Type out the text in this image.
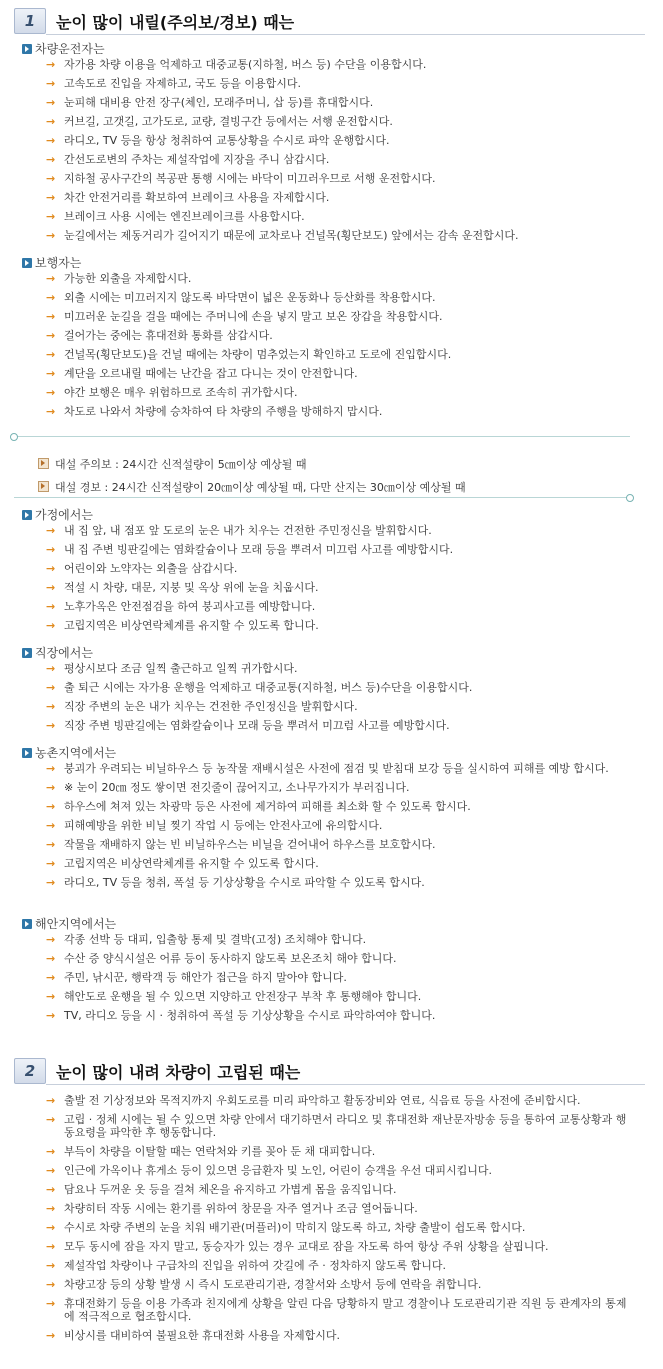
1	눈이 많이 내릴(주의보/경보) 때는
차량운전자는
→ 자가용 차량 이용을 억제하고 대중교통(지하철, 버스 등) 수단을 이용합시다.
→ 고속도로 진입을 자제하고, 국도 등을 이용합시다.
→ 눈피해 대비용 안전 장구(체인, 모래주머니, 삽 등)를 휴대합시다.
→ 커브길, 고갯길, 고가도로, 교량, 결빙구간 등에서는 서행 운전합시다.
→ 라디오, TV 등을 항상 청취하여 교통상황을 수시로 파악 운행합시다.
→ 간선도로변의 주차는 제설작업에 지장을 주니 삼갑시다.
→ 지하철 공사구간의 복공판 통행 시에는 바닥이 미끄러우므로 서행 운전합시다.
→ 차간 안전거리를 확보하여 브레이크 사용을 자제합시다.
→ 브레이크 사용 시에는 엔진브레이크를 사용합시다.
→ 눈길에서는 제동거리가 길어지기 때문에 교차로나 건널목(횡단보도) 앞에서는 감속 운전합시다.
보행자는
→ 가능한 외출을 자제합시다.
→ 외출 시에는 미끄러지지 않도록 바닥면이 넓은 운동화나 등산화를 착용합시다.
→ 미끄러운 눈길을 걸을 때에는 주머니에 손을 넣지 말고 보온 장갑을 착용합시다.
→ 걸어가는 중에는 휴대전화 통화를 삼갑시다.
→ 건널목(횡단보도)을 건널 때에는 차량이 멈추었는지 확인하고 도로에 진입합시다.
→ 계단을 오르내릴 때에는 난간을 잡고 다니는 것이 안전합니다.
→ 야간 보행은 매우 위험하므로 조속히 귀가합시다.
→ 차도로 나와서 차량에 승차하여 타 차량의 주행을 방해하지 맙시다.
대설 주의보 : 24시간 신적설량이 5㎝이상 예상될 때
대설 경보 : 24시간 신적설량이 20㎝이상 예상될 때, 다만 산지는 30㎝이상 예상될 때
가정에서는
→ 내 집 앞, 내 점포 앞 도로의 눈은 내가 치우는 건전한 주민정신을 발휘합시다.
→ 내 집 주변 빙판길에는 염화칼슘이나 모래 등을 뿌려서 미끄럼 사고를 예방합시다.
→ 어린이와 노약자는 외출을 삼갑시다.
→ 적설 시 차량, 대문, 지붕 및 옥상 위에 눈을 치웁시다.
→ 노후가옥은 안전점검을 하여 붕괴사고를 예방합니다.
→ 고립지역은 비상연락체계를 유지할 수 있도록 합니다.
직장에서는
→ 평상시보다 조금 일찍 출근하고 일찍 귀가합시다.
→ 출 퇴근 시에는 자가용 운행을 억제하고 대중교통(지하철, 버스 등)수단을 이용합시다.
→ 직장 주변의 눈은 내가 치우는 건전한 주인정신을 발휘합시다.
→ 직장 주변 빙판길에는 염화칼슘이나 모래 등을 뿌려서 미끄럼 사고를 예방합시다.
농촌지역에서는
→ 붕괴가 우려되는 비닐하우스 등 농작물 재배시설은 사전에 점검 및 받침대 보강 등을 실시하여 피해를 예방 합시다.
→ ※ 눈이 20㎝ 정도 쌓이면 전깃줄이 끊어지고, 소나무가지가 부러집니다.
→ 하우스에 쳐져 있는 차광막 등은 사전에 제거하여 피해를 최소화 할 수 있도록 합시다.
→ 피해예방을 위한 비닐 찢기 작업 시 등에는 안전사고에 유의합시다.
→ 작물을 재배하지 않는 빈 비닐하우스는 비닐을 걷어내어 하우스를 보호합시다.
→ 고립지역은 비상연락체계를 유지할 수 있도록 합시다.
→ 라디오, TV 등을 청취, 폭설 등 기상상황을 수시로 파악할 수 있도록 합시다.
해안지역에서는
→ 각종 선박 등 대피, 입출항 통제 및 결박(고정) 조치해야 합니다.
→ 수산 증 양식시설은 어류 등이 동사하지 않도록 보온조치 해야 합니다.
→ 주민, 낚시꾼, 행락객 등 해안가 접근을 하지 말아야 합니다.
→ 해안도로 운행을 될 수 있으면 지양하고 안전장구 부착 후 통행해야 합니다.
→ TV, 라디오 등을 시 · 청취하여 폭설 등 기상상황을 수시로 파악하여야 합니다.
2	눈이 많이 내려 차량이 고립된 때는
→ 출발 전 기상정보와 목적지까지 우회도로를 미리 파악하고 활동장비와 연료, 식음료 등을 사전에 준비합시다.
→ 고립 · 정체 시에는 될 수 있으면 차량 안에서 대기하면서 라디오 및 휴대전화 재난문자방송 등을 통하여 교통상황과 행동요령을 파악한 후 행동합니다.
→ 부득이 차량을 이탈할 때는 연락처와 키를 꽂아 둔 채 대피합니다.
→ 인근에 가옥이나 휴게소 등이 있으면 응급환자 및 노인, 어린이 승객을 우선 대피시킵니다.
→ 담요나 두꺼운 옷 등을 걸쳐 체온을 유지하고 가볍게 몸을 움직입니다.
→ 차량히터 작동 시에는 환기를 위하여 창문을 자주 열거나 조금 열어둡니다.
→ 수시로 차량 주변의 눈을 치워 배기관(머플러)이 막히지 않도록 하고, 차량 출발이 쉽도록 합시다.
→ 모두 동시에 잠을 자지 말고, 동승자가 있는 경우 교대로 잠을 자도록 하여 항상 주위 상황을 살핍니다.
→ 제설작업 차량이나 구급차의 진입을 위하여 갓길에 주 · 정차하지 않도록 합니다.
→ 차량고장 등의 상황 발생 시 즉시 도로관리기관, 경찰서와 소방서 등에 연락을 취합니다.
→ 휴대전화기 등을 이용 가족과 친지에게 상황을 알린 다음 당황하지 말고 경찰이나 도로관리기관 직원 등 관계자의 통제에 적극적으로 협조합시다.
→ 비상시를 대비하여 불필요한 휴대전화 사용을 자제합시다.
